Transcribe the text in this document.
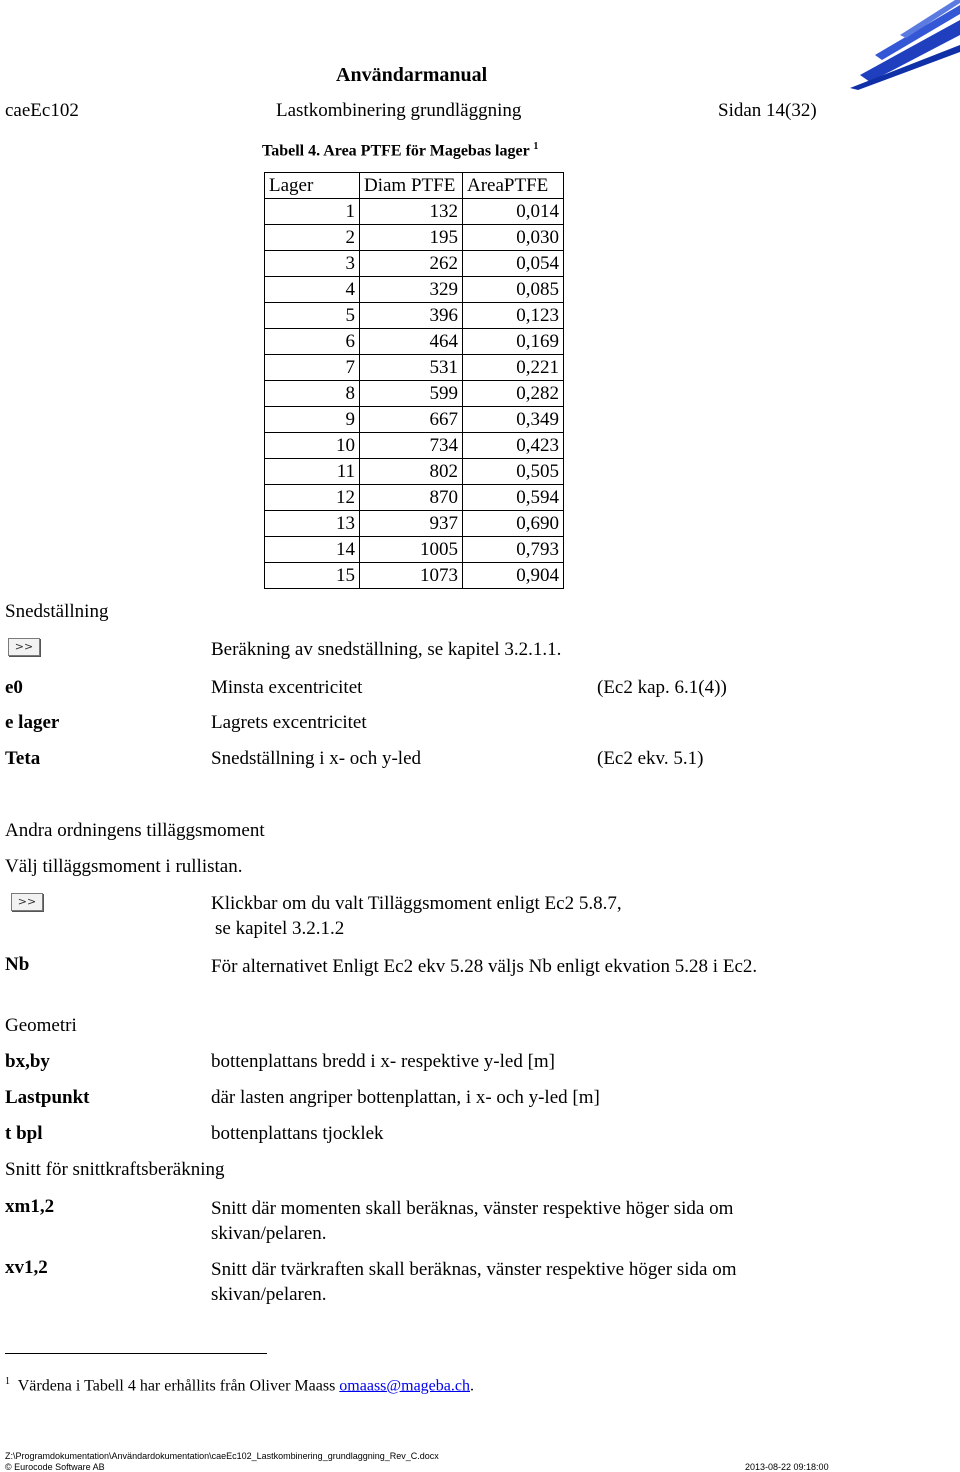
Användarmanual
caeEc102	Lastkombinering grundläggning	Sidan 14(32)
Tabell 4. Area PTFE för Magebas lager $^1$
Lager	Diam PTFE	AreaPTFE
1	132	0,014
2	195	0,030
3	262	0,054
4	329	0,085
5	396	0,123
6	464	0,169
7	531	0,221
8	599	0,282
9	667	0,349
10	734	0,423
11	802	0,505
12	870	0,594
13	937	0,690
14	1005	0,793
15	1073	0,904
Snedställning
>>	Beräkning av snedställning, se kapitel 3.2.1.1.
e0	Minsta excentricitet	(Ec2 kap. 6.1(4))
e lager	Lagrets excentricitet
Teta	Snedställning i x- och y-led	(Ec2 ekv. 5.1)
Andra ordningens tilläggsmoment
Välj tilläggsmoment i rullistan.
>>	Klickbar om du valt Tilläggsmoment enligt Ec2 5.8.7,
se kapitel 3.2.1.2
Nb	För alternativet Enligt Ec2 ekv 5.28 väljs Nb enligt ekvation 5.28 i Ec2.
Geometri
bx,by	bottenplattans bredd i x- respektive y-led [m]
Lastpunkt	där lasten angriper bottenplattan, i x- och y-led [m]
t bpl	bottenplattans tjocklek
Snitt för snittkraftsberäkning
xm1,2	Snitt där momenten skall beräknas, vänster respektive höger sida om skivan/pelaren.
xv1,2	Snitt där tvärkraften skall beräknas, vänster respektive höger sida om skivan/pelaren.
$^1$ Värdena i Tabell 4 har erhållits från Oliver Maass omaass@mageba.ch.
Z:\Programdokumentation\Användardokumentation\caeEc102_Lastkombinering_grundlaggning_Rev_C.docx
© Eurocode Software AB	2013-08-22 09:18:00
